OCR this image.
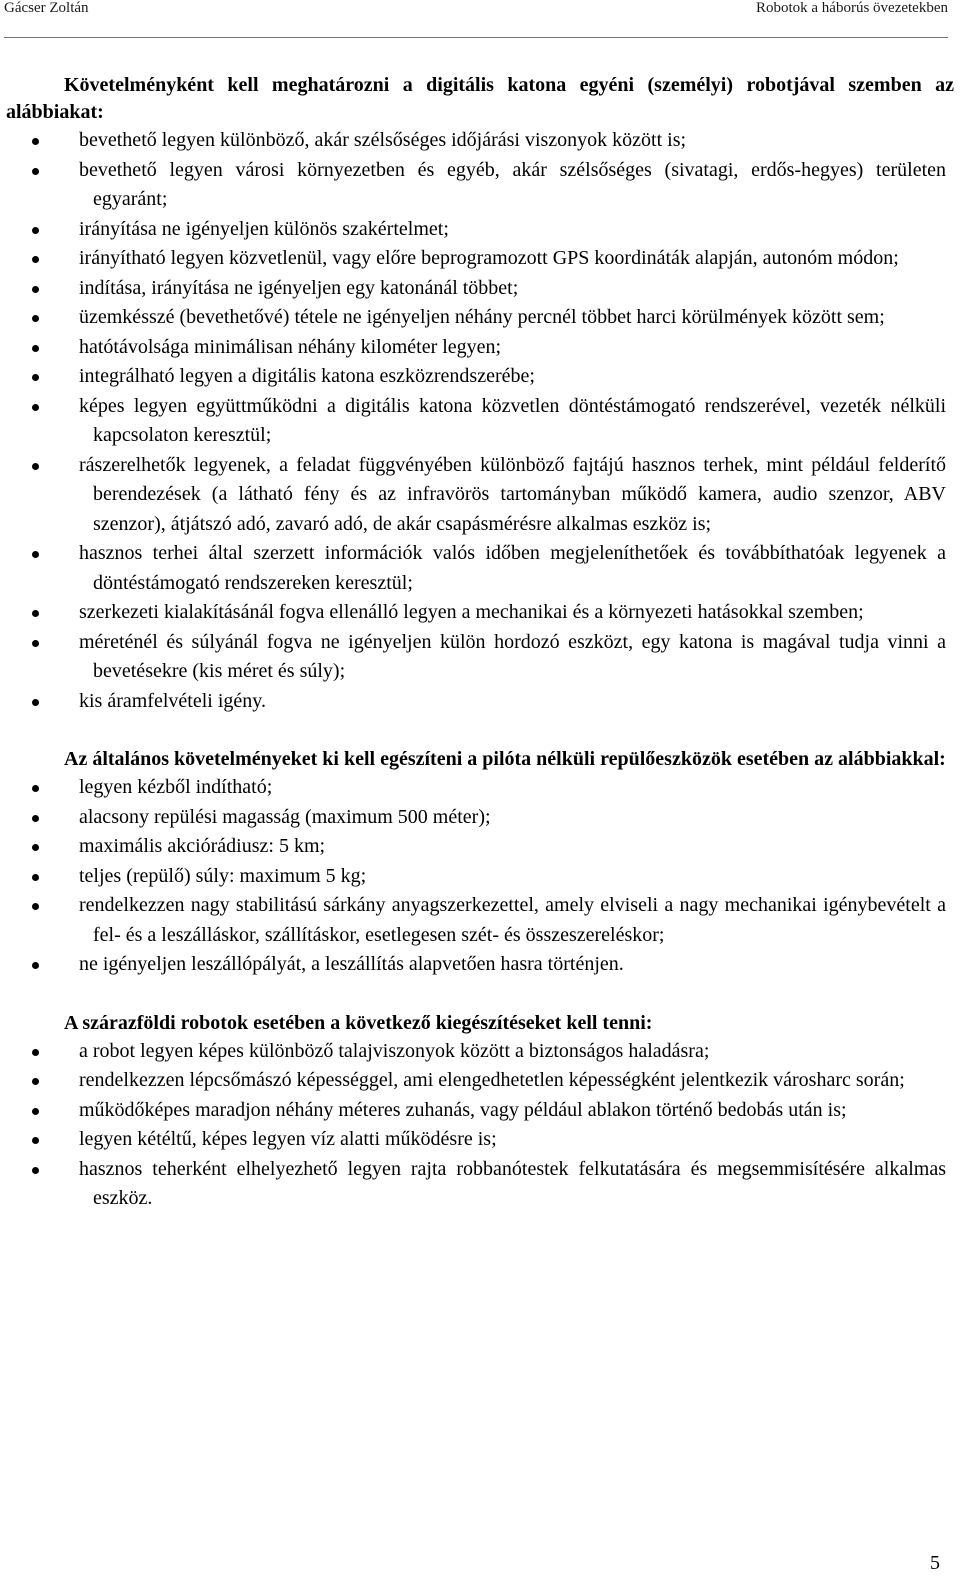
Gácser Zoltán	Robotok a háborús övezetekben

Követelményként kell meghatározni a digitális katona egyéni (személyi) robotjával szemben az alábbiakat:

bevethető legyen különböző, akár szélsőséges időjárási viszonyok között is;
bevethető legyen városi környezetben és egyéb, akár szélsőséges (sivatagi, erdős-hegyes) területen egyaránt;
irányítása ne igényeljen különös szakértelmet;
irányítható legyen közvetlenül, vagy előre beprogramozott GPS koordináták alapján, autonóm módon;
indítása, irányítása ne igényeljen egy katonánál többet;
üzemkésszé (bevethetővé) tétele ne igényeljen néhány percnél többet harci körülmények között sem;
hatótávolsága minimálisan néhány kilométer legyen;
integrálható legyen a digitális katona eszközrendszerébe;
képes legyen együttműködni a digitális katona közvetlen döntéstámogató rendszerével, vezeték nélküli kapcsolaton keresztül;
rászerelhetők legyenek, a feladat függvényében különböző fajtájú hasznos terhek, mint például felderítő berendezések (a látható fény és az infravörös tartományban működő kamera, audio szenzor, ABV szenzor), átjátszó adó, zavaró adó, de akár csapásmérésre alkalmas eszköz is;
hasznos terhei által szerzett információk valós időben megjeleníthetőek és továbbíthatóak legyenek a döntéstámogató rendszereken keresztül;
szerkezeti kialakításánál fogva ellenálló legyen a mechanikai és a környezeti hatásokkal szemben;
méreténél és súlyánál fogva ne igényeljen külön hordozó eszközt, egy katona is magával tudja vinni a bevetésekre (kis méret és súly);
kis áramfelvételi igény.

Az általános követelményeket ki kell egészíteni a pilóta nélküli repülőeszközök esetében az alábbiakkal:

legyen kézből indítható;
alacsony repülési magasság (maximum 500 méter);
maximális akciórádiusz: 5 km;
teljes (repülő) súly: maximum 5 kg;
rendelkezzen nagy stabilitású sárkány anyagszerkezettel, amely elviseli a nagy mechanikai igénybevételt a fel- és a leszálláskor, szállításkor, esetlegesen szét- és összeszereléskor;
ne igényeljen leszállópályát, a leszállítás alapvetően hasra történjen.

A szárazföldi robotok esetében a következő kiegészítéseket kell tenni:

a robot legyen képes különböző talajviszonyok között a biztonságos haladásra;
rendelkezzen lépcsőmászó képességgel, ami elengedhetetlen képességként jelentkezik városharc során;
működőképes maradjon néhány méteres zuhanás, vagy például ablakon történő bedobás után is;
legyen kétéltű, képes legyen víz alatti működésre is;
hasznos teherként elhelyezhető legyen rajta robbanótestek felkutatására és megsemmisítésére alkalmas eszköz.
5
